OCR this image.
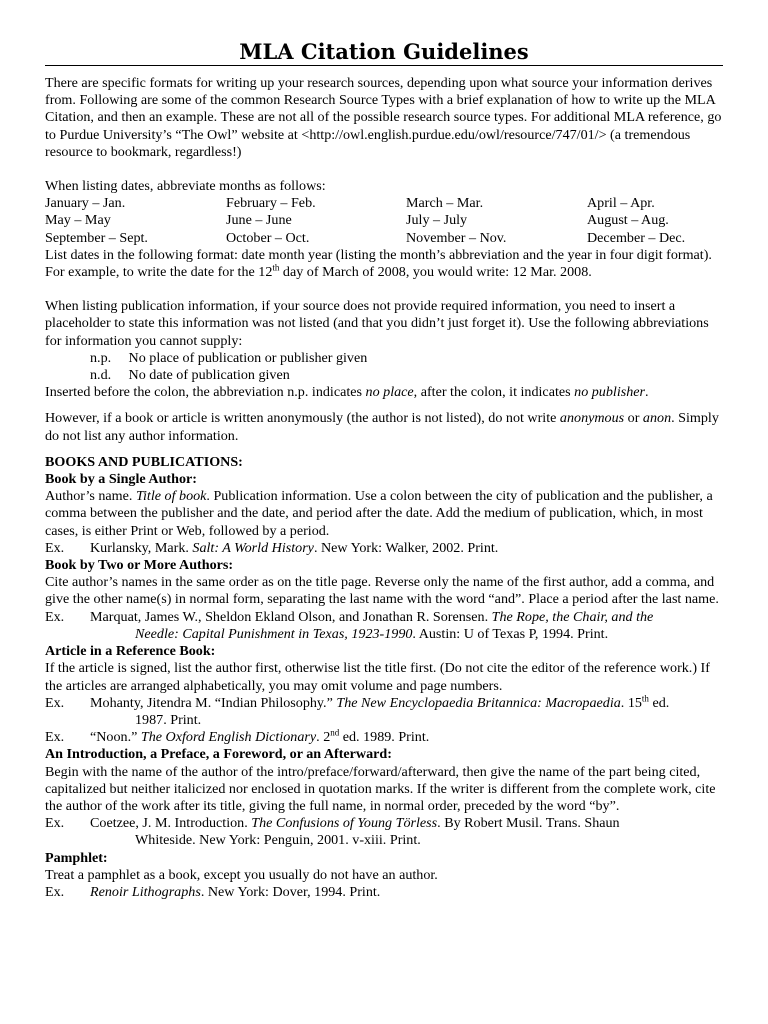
MLA Citation Guidelines

There are specific formats for writing up your research sources, depending upon what source your information derives from. Following are some of the common Research Source Types with a brief explanation of how to write up the MLA Citation, and then an example. These are not all of the possible research source types. For additional MLA reference, go to Purdue University’s “The Owl” website at <http://owl.english.purdue.edu/owl/resource/747/01/> (a tremendous resource to bookmark, regardless!)

When listing dates, abbreviate months as follows:

January – Jan.	February – Feb.	March – Mar.	April – Apr.
May – May	June – June	July – July	August – Aug.
September – Sept.	October – Oct.	November – Nov.	December – Dec.

List dates in the following format: date month year (listing the month’s abbreviation and the year in four digit format). For example, to write the date for the 12th day of March of 2008, you would write: 12 Mar. 2008.

When listing publication information, if your source does not provide required information, you need to insert a placeholder to state this information was not listed (and that you didn’t just forget it). Use the following abbreviations for information you cannot supply:

n.p. No place of publication or publisher given

n.d. No date of publication given

Inserted before the colon, the abbreviation n.p. indicates no place, after the colon, it indicates no publisher.

However, if a book or article is written anonymously (the author is not listed), do not write anonymous or anon. Simply do not list any author information.

BOOKS AND PUBLICATIONS:

Book by a Single Author:

Author’s name. Title of book. Publication information. Use a colon between the city of publication and the publisher, a comma between the publisher and the date, and period after the date. Add the medium of publication, which, in most cases, is either Print or Web, followed by a period.

Ex. Kurlansky, Mark. Salt: A World History. New York: Walker, 2002. Print.

Book by Two or More Authors:

Cite author’s names in the same order as on the title page. Reverse only the name of the first author, add a comma, and give the other name(s) in normal form, separating the last name with the word “and”. Place a period after the last name.

Ex. Marquat, James W., Sheldon Ekland Olson, and Jonathan R. Sorensen. The Rope, the Chair, and the
Needle: Capital Punishment in Texas, 1923-1990. Austin: U of Texas P, 1994. Print.

Article in a Reference Book:

If the article is signed, list the author first, otherwise list the title first. (Do not cite the editor of the reference work.) If the articles are arranged alphabetically, you may omit volume and page numbers.

Ex. Mohanty, Jitendra M. “Indian Philosophy.” The New Encyclopaedia Britannica: Macropaedia. 15th ed.
1987. Print.
Ex. “Noon.” The Oxford English Dictionary. 2nd ed. 1989. Print.

An Introduction, a Preface, a Foreword, or an Afterward:

Begin with the name of the author of the intro/preface/forward/afterward, then give the name of the part being cited, capitalized but neither italicized nor enclosed in quotation marks. If the writer is different from the complete work, cite the author of the work after its title, giving the full name, in normal order, preceded by the word “by”.

Ex. Coetzee, J. M. Introduction. The Confusions of Young Törless. By Robert Musil. Trans. Shaun
Whiteside. New York: Penguin, 2001. v-xiii. Print.

Pamphlet:

Treat a pamphlet as a book, except you usually do not have an author.

Ex. Renoir Lithographs. New York: Dover, 1994. Print.
